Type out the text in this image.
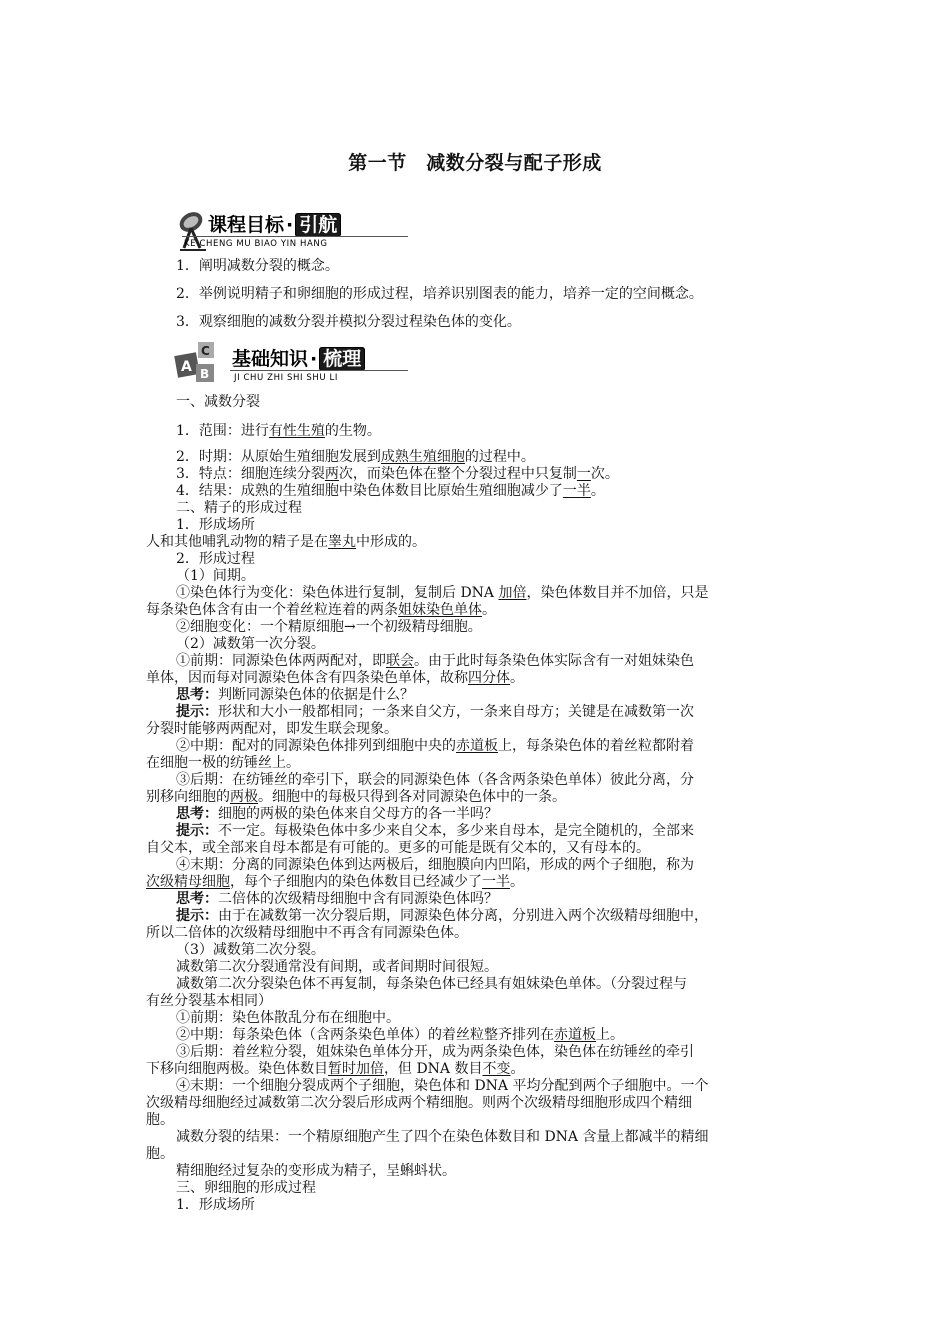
第一节　减数分裂与配子形成
课程目标 · 引航
KE CHENG MU BIAO YIN HANG
1．阐明减数分裂的概念。
2．举例说明精子和卵细胞的形成过程，培养识别图表的能力，培养一定的空间概念。
3．观察细胞的减数分裂并模拟分裂过程染色体的变化。
A B
C 基础知识 · 梳理
JI CHU ZHI SHI SHU LI
一、减数分裂
1．范围：进行有性生殖的生物。
2．时期：从原始生殖细胞发展到成熟生殖细胞的过程中。
3．特点：细胞连续分裂两次，而染色体在整个分裂过程中只复制一次。
4．结果：成熟的生殖细胞中染色体数目比原始生殖细胞减少了一半。
二、精子的形成过程
1．形成场所
人和其他哺乳动物的精子是在睾丸中形成的。
2．形成过程
（1）间期。
①染色体行为变化：染色体进行复制，复制后 DNA 加倍，染色体数目并不加倍，只是
每条染色体含有由一个着丝粒连着的两条姐妹染色单体。
②细胞变化：一个精原细胞→一个初级精母细胞。
（2）减数第一次分裂。
①前期：同源染色体两两配对，即联会。由于此时每条染色体实际含有一对姐妹染色
单体，因而每对同源染色体含有四条染色单体，故称四分体。
思考：判断同源染色体的依据是什么？
提示：形状和大小一般都相同；一条来自父方，一条来自母方；关键是在减数第一次
分裂时能够两两配对，即发生联会现象。
②中期：配对的同源染色体排列到细胞中央的赤道板上，每条染色体的着丝粒都附着
在细胞一极的纺锤丝上。
③后期：在纺锤丝的牵引下，联会的同源染色体（各含两条染色单体）彼此分离，分
别移向细胞的两极。细胞中的每极只得到各对同源染色体中的一条。
思考：细胞的两极的染色体来自父母方的各一半吗？
提示：不一定。每极染色体中多少来自父本，多少来自母本，是完全随机的，全部来
自父本，或全部来自母本都是有可能的。更多的可能是既有父本的，又有母本的。
④末期：分离的同源染色体到达两极后，细胞膜向内凹陷，形成的两个子细胞，称为
次级精母细胞，每个子细胞内的染色体数目已经减少了一半。
思考：二倍体的次级精母细胞中含有同源染色体吗？
提示：由于在减数第一次分裂后期，同源染色体分离，分别进入两个次级精母细胞中，
所以二倍体的次级精母细胞中不再含有同源染色体。
（3）减数第二次分裂。
减数第二次分裂通常没有间期，或者间期时间很短。
减数第二次分裂染色体不再复制，每条染色体已经具有姐妹染色单体。（分裂过程与
有丝分裂基本相同）
①前期：染色体散乱分布在细胞中。
②中期：每条染色体（含两条染色单体）的着丝粒整齐排列在赤道板上。
③后期：着丝粒分裂，姐妹染色单体分开，成为两条染色体，染色体在纺锤丝的牵引
下移向细胞两极。染色体数目暂时加倍，但 DNA 数目不变。
④末期：一个细胞分裂成两个子细胞，染色体和 DNA 平均分配到两个子细胞中。一个
次级精母细胞经过减数第二次分裂后形成两个精细胞。则两个次级精母细胞形成四个精细
胞。
减数分裂的结果：一个精原细胞产生了四个在染色体数目和 DNA 含量上都减半的精细
胞。
精细胞经过复杂的变形成为精子，呈蝌蚪状。
三、卵细胞的形成过程
1．形成场所
